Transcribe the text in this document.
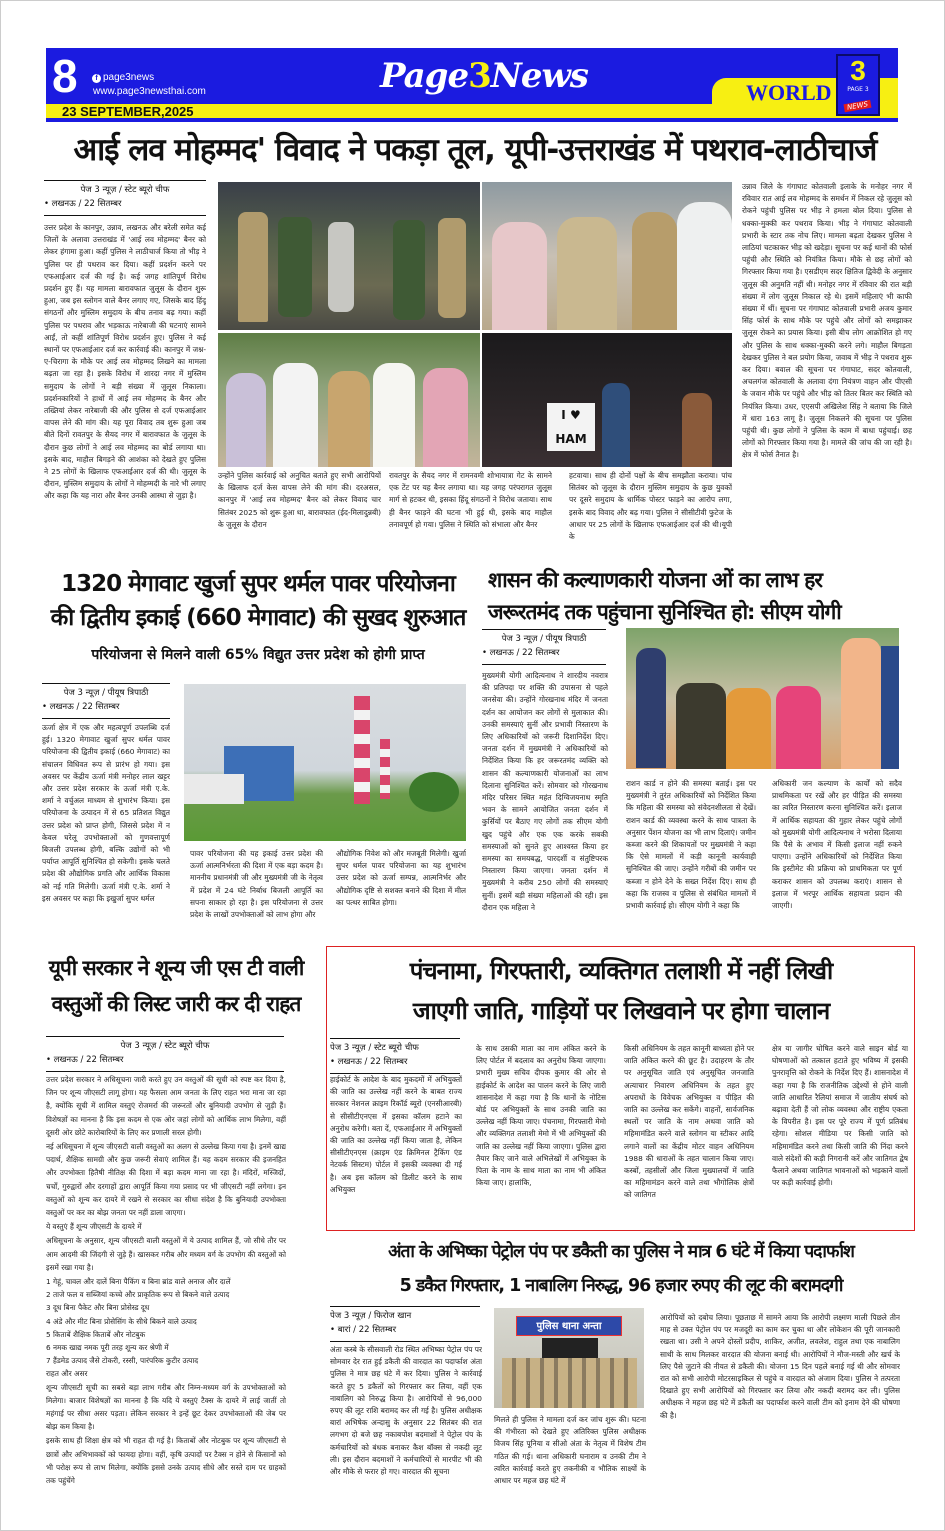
8	f page3news
www.page3newsthai.com
23 SEPTEMBER,2025
Page3News	WORLD
3
PAGE 3
NEWS
आई लव मोहम्मद' विवाद ने पकड़ा तूल, यूपी-उत्तराखंड में पथराव-लाठीचार्ज
पेज 3 न्यूज़ / स्टेट ब्यूरो चीफ
• लखनऊ / 22 सितम्बर
उत्तर प्रदेश के कानपुर, उन्नाव, लखनऊ और बरेली समेत कई जिलों के अलावा उत्तराखंड में 'आई लव मोहम्मद' बैनर को लेकर हंगामा हुआ। कहीं पुलिस ने लाठीचार्ज किया तो भीड़ ने पुलिस पर ही पथराव कर दिया। कहीं प्रदर्शन करने पर एफआईआर दर्ज की गई है। कई जगह शांतिपूर्ण विरोध प्रदर्शन हुए हैं। यह मामला बारावफात जुलूस के दौरान शुरू हुआ, जब इस स्लोगन वाले बैनर लगाए गए, जिसके बाद हिंदू संगठनों और मुस्लिम समुदाय के बीच तनाव बढ़ गया। कहीं पुलिस पर पथराव और भड़काऊ नारेबाजी की घटनाएं सामने आईं, तो कहीं शांतिपूर्ण विरोध प्रदर्शन हुए। पुलिस ने कई स्थानों पर एफआईआर दर्ज कर कार्रवाई की। कानपुर में जश्न-ए-चिरागा के मौके पर आई लव मोहम्मद लिखने का मामला बढ़ता जा रहा है। इसके विरोध में शारदा नगर में मुस्लिम समुदाय के लोगों ने बड़ी संख्या में जुलूस निकाला। प्रदर्शनकारियों ने हाथों में आई लव मोहम्मद के बैनर और तख्तियां लेकर नारेबाजी की और पुलिस से दर्ज एफआईआर वापस लेने की मांग की। यह पूरा विवाद तब शुरू हुआ जब बीते दिनों रावतपुर के सैयद नगर में बारावफात के जुलूस के दौरान कुछ लोगों ने आई लव मोहम्मद का बोर्ड लगाया था। इसके बाद, माहौल बिगड़ने की आशंका को देखते हुए पुलिस ने 25 लोगों के खिलाफ एफआईआर दर्ज की थी। जुलूस के दौरान, मुस्लिम समुदाय के लोगों ने मोहम्मदी के नारे भी लगाए और कहा कि यह नारा और बैनर उनकी आस्था से जुड़ा है।
I ♥ HAM
उन्होंने पुलिस कार्रवाई को अनुचित बताते हुए सभी आरोपियों के खिलाफ दर्ज केस वापस लेने की मांग की। दरअसल, कानपुर में 'आई लव मोहम्मद' बैनर को लेकर विवाद चार सितंबर 2025 को शुरू हुआ था, बारावफात (ईद-मिलादुन्नबी) के जुलूस के दौरान
रावतपुर के सैयद नगर में रामनवमी शोभायात्रा गेट के सामने एक टेंट पर यह बैनर लगाया था। यह जगह परंपरागत जुलूस मार्ग से हटकर थी, इसका हिंदू संगठनों ने विरोध जताया। साथ ही बैनर फाड़ने की घटना भी हुई थी, इसके बाद माहौल तनावपूर्ण हो गया। पुलिस ने स्थिति को संभाला और बैनर
हटवाया। साथ ही दोनों पक्षों के बीच समझौता कराया। पांच सितंबर को जुलूस के दौरान मुस्लिम समुदाय के कुछ युवकों पर दूसरे समुदाय के धार्मिक पोस्टर फाड़ने का आरोप लगा, इसके बाद विवाद और बढ़ गया। पुलिस ने सीसीटीवी फुटेज के आधार पर 25 लोगों के खिलाफ एफआईआर दर्ज की थी।यूपी के
उन्नाव जिले के गंगाघाट कोतवाली इलाके के मनोहर नगर में रविवार रात आई लव मोहम्मद के समर्थन में निकल रहे जुलूस को रोकने पहुंची पुलिस पर भीड़ ने हमला बोल दिया। पुलिस से धक्का-मुक्की कर पथराव किया। भीड़ ने गंगाघाट कोतवाली प्रभारी के स्टार तक नोच लिए। मामला बढ़ता देखकर पुलिस ने लाठियां चटकाकर भीड़ को खदेड़ा। सूचना पर कई थानों की फोर्स पहुंची और स्थिति को नियंत्रित किया। मौके से छह लोगों को गिरफ्तार किया गया है। एसडीएम सदर क्षितिज द्विवेदी के अनुसार जुलूस की अनुमति नहीं थी। मनोहर नगर में रविवार की रात बड़ी संख्या में लोग जुलूस निकाल रहे थे। इसमें महिलाएं भी काफी संख्या में थीं। सूचना पर गंगाघाट कोतवाली प्रभारी अजय कुमार सिंह फोर्स के साथ मौके पर पहुंचे और लोगों को समझाकर जुलूस रोकने का प्रयास किया। इसी बीच लोग आक्रोशित हो गए और पुलिस के साथ धक्का-मुक्की करने लगे। माहौल बिगड़ता देखकर पुलिस ने बल प्रयोग किया, जवाब में भीड़ ने पथराव शुरू कर दिया। बवाल की सूचना पर गंगाघाट, सदर कोतवाली, अचलगंज कोतवाली के अलावा दंगा नियंत्रण वाहन और पीएसी के जवान मौके पर पहुंचे और भीड़ को तितर बितर कर स्थिति को नियंत्रित किया। उधर, एएसपी अखिलेश सिंह ने बताया कि जिले में धारा 163 लागू है। जुलूस निकलने की सूचना पर पुलिस पहुंची थी। कुछ लोगों ने पुलिस के काम में बाधा पहुंचाई। छह लोगों को गिरफ्तार किया गया है। मामले की जांच की जा रही है। क्षेत्र में फोर्स तैनात है।
1320 मेगावाट खुर्जा सुपर थर्मल पावर परियोजना
की द्वितीय इकाई (660 मेगावाट) की सुखद शुरुआत
परियोजना से मिलने वाली 65% विद्युत उत्तर प्रदेश को होगी प्राप्त
पेज 3 न्यूज़ / पीयूष त्रिपाठी
• लखनऊ / 22 सितम्बर
ऊर्जा क्षेत्र में एक और महत्वपूर्ण उपलब्धि दर्ज हुई। 1320 मेगावाट खुर्जा सुपर थर्मल पावर परियोजना की द्वितीय इकाई (660 मेगावाट) का संचालन विधिवत रूप से प्रारंभ हो गया। इस अवसर पर केंद्रीय ऊर्जा मंत्री मनोहर लाल खट्टर और उत्तर प्रदेश सरकार के ऊर्जा मंत्री ए.के. शर्मा ने वर्चुअल माध्यम से शुभारंभ किया। इस परियोजना के उत्पादन में से 65 प्रतिशत विद्युत उत्तर प्रदेश को प्राप्त होगी, जिससे प्रदेश में न केवल घरेलू उपभोक्ताओं को गुणवत्तापूर्ण बिजली उपलब्ध होगी, बल्कि उद्योगों को भी पर्याप्त आपूर्ति सुनिश्चित हो सकेगी। इसके चलते प्रदेश की औद्योगिक प्रगति और आर्थिक विकास को नई गति मिलेगी। ऊर्जा मंत्री ए.के. शर्मा ने इस अवसर पर कहा कि इखुर्जा सुपर थर्मल
पावर परियोजना की यह इकाई उत्तर प्रदेश की ऊर्जा आत्मनिर्भरता की दिशा में एक बड़ा कदम है। माननीय प्रधानमंत्री जी और मुख्यमंत्री जी के नेतृत्व में प्रदेश में 24 घंटे निर्बाध बिजली आपूर्ति का सपना साकार हो रहा है। इस परियोजना से उत्तर प्रदेश के लाखों उपभोक्ताओं को लाभ होगा और
औद्योगिक निवेश को और मजबूती मिलेगी। खुर्जा सुपर थर्मल पावर परियोजना का यह शुभारंभ उत्तर प्रदेश को ऊर्जा सम्पन्न, आत्मनिर्भर और औद्योगिक दृष्टि से सशक्त बनाने की दिशा में मील का पत्थर साबित होगा।
शासन की कल्याणकारी योजना ओं का लाभ हर
जरूरतमंद तक पहुंचाना सुनिश्चित हो: सीएम योगी
पेज 3 न्यूज़ / पीयूष त्रिपाठी
• लखनऊ / 22 सितम्बर
मुख्यमंत्री योगी आदित्यनाथ ने शारदीय नवरात्र की प्रतिपदा पर शक्ति की उपासना से पहले जनसेवा की। उन्होंने गोरखनाथ मंदिर में जनता दर्शन का आयोजन कर लोगों से मुलाकात की। उनकी समस्याएं सुनीं और प्रभावी निस्तारण के लिए अधिकारियों को जरूरी दिशानिर्देश दिए। जनता दर्शन में मुख्यमंत्री ने अधिकारियों को निर्देशित किया कि हर जरूरतमंद व्यक्ति को शासन की कल्याणकारी योजनाओं का लाभ दिलाना सुनिश्चित करें। सोमवार को गोरखनाथ मंदिर परिसर स्थित महंत दिग्विजयनाथ स्मृति भवन के सामने आयोजित जनता दर्शन में कुर्सियों पर बैठाए गए लोगों तक सीएम योगी खुद पहुंचे और एक एक करके सबकी समस्याओं को सुनते हुए आश्वस्त किया हर समस्या का समयबद्ध, पारदर्शी व संतुष्टिपरक निस्तारण किया जाएगा। जनता दर्शन में मुख्यमंत्री ने करीब 250 लोगों की समस्याएं सुनीं। इसमें बड़ी संख्या महिलाओं की रही। इस दौरान एक महिला ने
राशन कार्ड न होने की समस्या बताई। इस पर मुख्यमंत्री ने तुरंत अधिकारियों को निर्देशित किया कि महिला की समस्या को संवेदनशीलता से देखें। राशन कार्ड की व्यवस्था करने के साथ पात्रता के अनुसार पेंशन योजना का भी लाभ दिलाएं। जमीन कब्जा करने की शिकायतों पर मुख्यमंत्री ने कहा कि ऐसे मामलों में कड़ी कानूनी कार्यवाही सुनिश्चित की जाए। उन्होंने गरीबों की जमीन पर कब्जा न होने देने के सख्त निर्देश दिए। साथ ही कहा कि राजस्व व पुलिस से संबंधित मामलों में प्रभावी कार्रवाई हो। सीएम योगी ने कहा कि
अधिकारी जन कल्याण के कार्यों को सदैव प्राथमिकता पर रखें और हर पीड़ित की समस्या का त्वरित निस्तारण करना सुनिश्चित करें। इलाज में आर्थिक सहायता की गुहार लेकर पहुंचे लोगों को मुख्यमंत्री योगी आदित्यनाथ ने भरोसा दिलाया कि पैसे के अभाव में किसी इलाज नहीं रुकने पाएगा। उन्होंने अधिकारियों को निर्देशित किया कि इस्टीमेट की प्रक्रिया को प्राथमिकता पर पूर्ण कराकर शासन को उपलब्ध कराएं। शासन से इलाज में भरपूर आर्थिक सहायता प्रदान की जाएगी।
यूपी सरकार ने शून्य जी एस टी वाली
वस्तुओं की लिस्ट जारी कर दी राहत
पेज 3 न्यूज़ / स्टेट ब्यूरो चीफ
• लखनऊ / 22 सितम्बर

उत्तर प्रदेश सरकार ने अधिसूचना जारी करते हुए उन वस्तुओं की सूची को स्पष्ट कर दिया है, जिन पर शून्य जीएसटी लागू होगा। यह फैसला आम जनता के लिए राहत भरा माना जा रहा है, क्योंकि सूची में शामिल वस्तुएं रोजमर्रा की जरूरतों और बुनियादी उपभोग से जुड़ी हैं। विशेषज्ञों का मानना है कि इस कदम से एक ओर जहां लोगों को आर्थिक लाभ मिलेगा, वहीं दूसरी ओर छोटे कारोबारियों के लिए कर प्रणाली सरल होगी।

नई अधिसूचना में शून्य जीएसटी वाली वस्तुओं का अलग से उल्लेख किया गया है। इनमें खाद्य पदार्थ, शैक्षिक सामग्री और कुछ जरूरी सेवाएं शामिल हैं। यह कदम सरकार की इजनहित और उपभोक्ता हितैषी नीतिक्ष की दिशा में बड़ा कदम माना जा रहा है। मंदिरों, मस्जिदों, चर्चों, गुरुद्वारों और दरगाहों द्वारा आपूर्ति किया गया प्रसाद पर भी जीएसटी नहीं लगेगा। इन वस्तुओं को शून्य कर दायरे में रखने से सरकार का सीधा संदेश है कि बुनियादी उपभोक्ता वस्तुओं पर कर का बोझ जनता पर नहीं डाला जाएगा।

ये वस्तुएं हैं शून्य जीएसटी के दायरे में

अधिसूचना के अनुसार, शून्य जीएसटी वाली वस्तुओं में ये उत्पाद शामिल हैं, जो सीधे तौर पर आम आदमी की जिंदगी से जुड़े हैं। खासकर गरीब और मध्यम वर्ग के उपभोग की वस्तुओं को इसमें रखा गया है।

1 गेहूं, चावल और दालें बिना पैकिंग व बिना ब्रांड वाले अनाज और दालें
2 ताजे फल व सब्जियां कच्चे और प्राकृतिक रूप से बिकने वाले उत्पाद
3 दूध बिना पैकेट और बिना प्रोसेस्ड दूध
4 अंडे और मीट बिना प्रोसेसिंग के सीधे बिकने वाले उत्पाद
5 किताबें शैक्षिक किताबें और नोटबुक
6 नमक खाद्य नमक पूरी तरह शून्य कर श्रेणी में
7 हैंडमेड उत्पाद जैसे टोकरी, रस्सी, पारंपरिक कुटीर उत्पाद
राहत और असर

शून्य जीएसटी सूची का सबसे बड़ा लाभ गरीब और निम्न-मध्यम वर्ग के उपभोक्ताओं को मिलेगा। बाजार विशेषज्ञों का मानना है कि यदि ये वस्तुएं टैक्स के दायरे में लाई जातीं तो महंगाई पर सीधा असर पड़ता। लेकिन सरकार ने इन्हें छूट देकर उपभोक्ताओं की जेब पर बोझ कम किया है।

इसके साथ ही शिक्षा क्षेत्र को भी राहत दी गई है। किताबों और नोटबुक पर शून्य जीएसटी से छात्रों और अभिभावकों को फायदा होगा। वहीं, कृषि उत्पादों पर टैक्स न होने से किसानों को भी परोक्ष रूप से लाभ मिलेगा, क्योंकि इससे उनके उत्पाद सीधे और सस्ते दाम पर ग्राहकों तक पहुंचेंगे

पंचनामा, गिरफ्तारी, व्यक्तिगत तलाशी में नहीं लिखी
जाएगी जाति, गाड़ियों पर लिखवाने पर होगा चालान
पेज 3 न्यूज़ / स्टेट ब्यूरो चीफ
• लखनऊ / 22 सितम्बर
हाईकोर्ट के आदेश के बाद मुकदमों में अभियुक्तों की जाति का उल्लेख नहीं करने के बाबत राज्य सरकार नेशनल क्राइम रिकॉर्ड ब्यूरो (एनसीआरबी) से सीसीटीएनएस में इसका कॉलम हटाने का अनुरोध करेगी। बता दें, एफआईआर में अभियुक्तों की जाति का उल्लेख नहीं किया जाता है, लेकिन सीसीटीएनएस (क्राइम एंड क्रिमिनल ट्रैकिंग एंड नेटवर्क सिस्टम) पोर्टल में इसकी व्यवस्था दी गई है। अब इस कॉलम को डिलीट करने के साथ अभियुक्त
के साथ उसकी माता का नाम अंकित करने के लिए पोर्टल में बदलाव का अनुरोध किया जाएगा। प्रभारी मुख्य सचिव दीपक कुमार की ओर से हाईकोर्ट के आदेश का पालन करने के लिए जारी शासनादेश में कहा गया है कि थानों के नोटिस बोर्ड पर अभियुक्तों के साथ उनकी जाति का उल्लेख नहीं किया जाए। पंचनामा, गिरफ्तारी मेमो और व्यक्तिगत तलाशी मेमो में भी अभियुक्तों की जाति का उल्लेख नहीं किया जाएगा। पुलिस द्वारा तैयार किए जाने वाले अभिलेखों में अभियुक्त के पिता के नाम के साथ माता का नाम भी अंकित किया जाए। हालांकि,
किसी अधिनियम के तहत कानूनी बाध्यता होने पर जाति अंकित करने की छूट है। उदाहरण के तौर पर अनुसूचित जाति एवं अनुसूचित जनजाति अत्याचार निवारण अधिनियम के तहत हुए अपराधों के विवेचक अभियुक्त व पीड़ित की जाति का उल्लेख कर सकेंगे। वाहनों, सार्वजनिक स्थलों पर जाति के नाम अथवा जाति को महिमामंडित करने वाले स्लोगन या स्टीकर आदि लगाने वालों का केंद्रीय मोटर वाहन अधिनियम 1988 की धाराओं के तहत चालान किया जाए। कस्बों, तहसीलों और जिला मुख्यालयों में जाति का महिमामंडन करने वाले तथा भौगोलिक क्षेत्रों को जातिगत
क्षेत्र या जागीर घोषित करने वाले साइन बोर्ड या घोषणाओं को तत्काल हटाते हुए भविष्य में इसकी पुनरावृत्ति को रोकने के निर्देश दिए हैं। शासनादेश में कहा गया है कि राजनीतिक उद्देश्यों से होने वाली जाति आधारित रैलियां समाज में जातीय संघर्ष को बढ़ावा देती हैं जो लोक व्यवस्था और राष्ट्रीय एकता के विपरीत है। इस पर पूरे राज्य में पूर्ण प्रतिबंध रहेगा। सोशल मीडिया पर किसी जाति को महिमामंडित करने तथा किसी जाति की निंदा करने वाले संदेशों की कड़ी निगरानी करें और जातिगत द्वेष फैलाने अथवा जातिगत भावनाओं को भड़काने वालों पर कड़ी कार्रवाई होगी।
अंता के अभिष्का पेट्रोल पंप पर डकैती का पुलिस ने मात्र 6 घंटे में किया पदार्फाश
5 डकैत गिरफ्तार, 1 नाबालिग निरुद्ध, 96 हजार रुपए की लूट की बरामदगी
पेज 3 न्यूज़ / फिरोज खान
• बारां / 22 सितम्बर
अंता कस्बे के सीसवाली रोड स्थित अभिष्का पेट्रोल पंप पर सोमवार देर रात हुई डकैती की वारदात का पदार्फाश अंता पुलिस ने मात्र छह घंटे में कर दिया। पुलिस ने कार्रवाई करते हुए 5 डकैतों को गिरफ्तार कर लिया, वहीं एक नाबालिग को निरुद्ध किया है। आरोपियों से 96,000 रुपए की लूट राशि बरामद कर ली गई है। पुलिस अधीक्षक बारां अभिषेक अन्दासु के अनुसार 22 सितंबर की रात लगभग दो बजे छह नकाबपोश बदमाशों ने पेट्रोल पंप के कर्मचारियों को बंधक बनाकर कैश बॉक्स से नकदी लूट ली। इस दौरान बदमाशों ने कर्मचारियों से मारपीट भी की और मौके से फरार हो गए। वारदात की सूचना
पुलिस थाना अन्ता
मिलते ही पुलिस ने मामला दर्ज कर जांच शुरू की। घटना की गंभीरता को देखते हुए अतिरिक्त पुलिस अधीक्षक विजय सिंह पूनिया व सीओ अंता के नेतृत्व में विशेष टीम गठित की गई। थाना अधिकारी घनाराम व उनकी टीम ने त्वरित कार्रवाई करते हुए तकनीकी व भौतिक साक्ष्यों के आधार पर महज छह घंटे में
आरोपियों को दबोच लिया। पूछताछ में सामने आया कि आरोपी लक्ष्मण माली पिछले तीन माह से उक्त पेट्रोल पंप पर मजदूरी का काम कर चुका था और लोकेशन की पूरी जानकारी रखता था। उसी ने अपने दोस्तों प्रदीप, शाकिर, अजीत, लवलेश, राहुल तथा एक नाबालिग साथी के साथ मिलकर वारदात की योजना बनाई थी। आरोपियों ने मौज-मस्ती और खर्च के लिए पैसे जुटाने की नीयत से डकैती की। योजना 15 दिन पहले बनाई गई थी और सोमवार रात को सभी आरोपी मोटरसाइकिल से पहुंचे व वारदात को अंजाम दिया। पुलिस ने तत्परता दिखाते हुए सभी आरोपियों को गिरफ्तार कर लिया और नकदी बरामद कर ली। पुलिस अधीक्षक ने महज छह घंटे में डकैती का पदार्फाश करने वाली टीम को इनाम देने की घोषणा की है।
